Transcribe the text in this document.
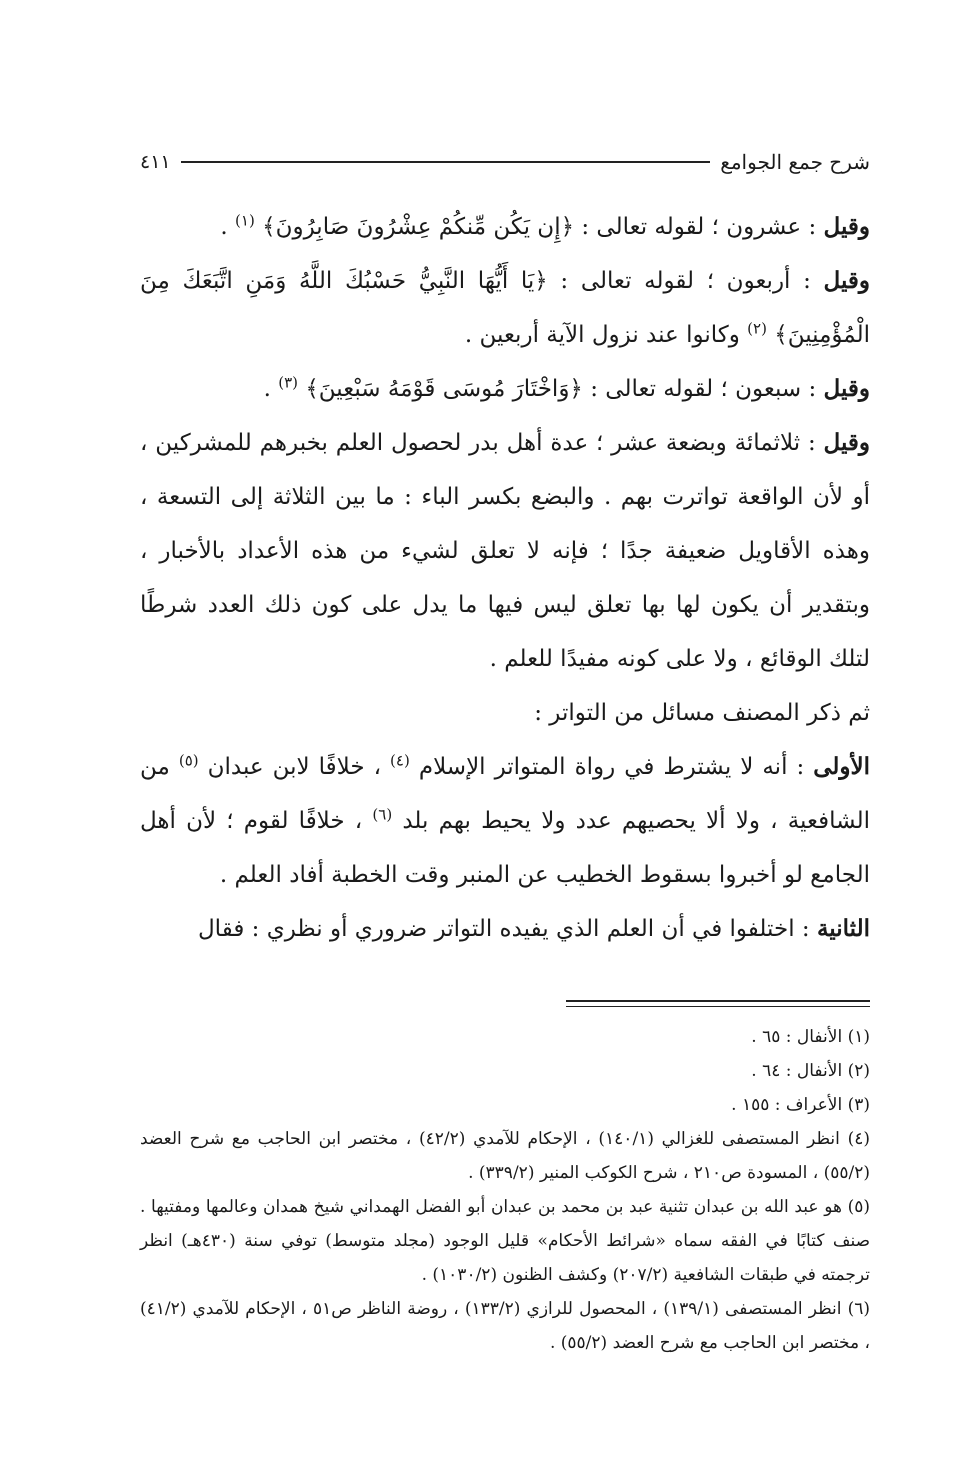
شرح جمع الجوامع
٤١١

وقيل : عشرون ؛ لقوله تعالى : ﴿إِن يَكُن مِّنكُمْ عِشْرُونَ صَابِرُونَ﴾ $^{(١)}$ .

وقيل : أربعون ؛ لقوله تعالى : ﴿يَا أَيُّهَا النَّبِيُّ حَسْبُكَ اللَّهُ وَمَنِ اتَّبَعَكَ مِنَ الْمُؤْمِنِينَ﴾ $^{(٢)}$ وكانوا عند نزول الآية أربعين .

وقيل : سبعون ؛ لقوله تعالى : ﴿وَاخْتَارَ مُوسَى قَوْمَهُ سَبْعِينَ﴾ $^{(٣)}$ .

وقيل : ثلاثمائة وبضعة عشر ؛ عدة أهل بدر لحصول العلم بخبرهم للمشركين ، أو لأن الواقعة تواترت بهم . والبضع بكسر الباء : ما بين الثلاثة إلى التسعة ، وهذه الأقاويل ضعيفة جدًا ؛ فإنه لا تعلق لشيء من هذه الأعداد بالأخبار ، وبتقدير أن يكون لها بها تعلق ليس فيها ما يدل على كون ذلك العدد شرطًا لتلك الوقائع ، ولا على كونه مفيدًا للعلم .

ثم ذكر المصنف مسائل من التواتر :

الأولى : أنه لا يشترط في رواة المتواتر الإسلام $^{(٤)}$ ، خلافًا لابن عبدان $^{(٥)}$ من الشافعية ، ولا ألا يحصيهم عدد ولا يحيط بهم بلد $^{(٦)}$ ، خلافًا لقوم ؛ لأن أهل الجامع لو أخبروا بسقوط الخطيب عن المنبر وقت الخطبة أفاد العلم .

الثانية : اختلفوا في أن العلم الذي يفيده التواتر ضروري أو نظري : فقال

(١) الأنفال : ٦٥ .

(٢) الأنفال : ٦٤ .

(٣) الأعراف : ١٥٥ .

(٤) انظر المستصفى للغزالي (١٤٠/١) ، الإحكام للآمدي (٤٢/٢) ، مختصر ابن الحاجب مع شرح العضد (٥٥/٢) ، المسودة ص٢١٠ ، شرح الكوكب المنير (٣٣٩/٢) .

(٥) هو عبد الله بن عبدان تثنية عبد بن محمد بن عبدان أبو الفضل الهمداني شيخ همدان وعالمها ومفتيها . صنف كتابًا في الفقه سماه «شرائط الأحكام» قليل الوجود (مجلد متوسط) توفي سنة (٤٣٠هـ) انظر ترجمته في طبقات الشافعية (٢٠٧/٢) وكشف الظنون (١٠٣٠/٢) .

(٦) انظر المستصفى (١٣٩/١) ، المحصول للرازي (١٣٣/٢) ، روضة الناظر ص٥١ ، الإحكام للآمدي (٤١/٢) ، مختصر ابن الحاجب مع شرح العضد (٥٥/٢) .
